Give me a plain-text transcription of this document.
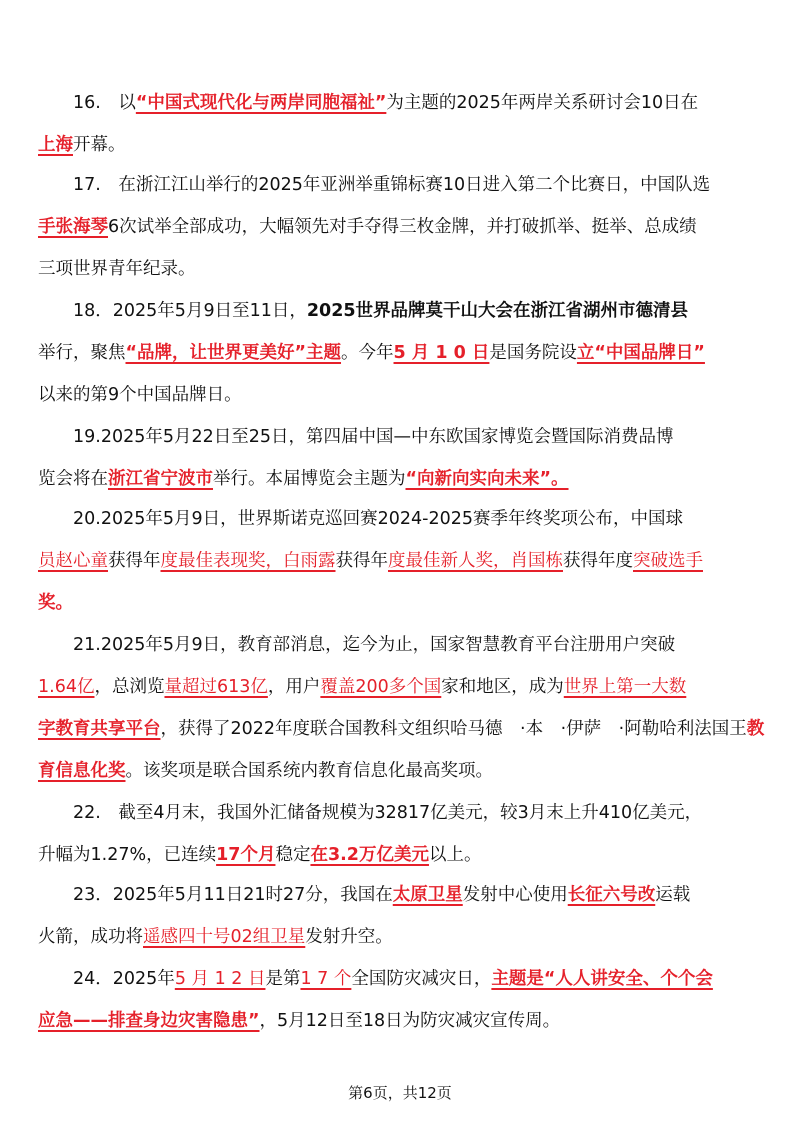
　　16.　以“中国式现代化与两岸同胞福祉”为主题的2025年两岸关系研讨会10日在
上海开幕。
　　17.　在浙江江山举行的2025年亚洲举重锦标赛10日进入第二个比赛日，中国队选
手张海琴6次试举全部成功，大幅领先对手夺得三枚金牌，并打破抓举、挺举、总成绩
三项世界青年纪录。
　　18．2025年5月9日至11日，2025世界品牌莫干山大会在浙江省湖州市德清县
举行，聚焦“品牌，让世界更美好”主题。今年5 月 1 0 日是国务院设立“中国品牌日”
以来的第9个中国品牌日。
　　19.2025年5月22日至25日，第四届中国—中东欧国家博览会暨国际消费品博
览会将在浙江省宁波市举行。本届博览会主题为“向新向实向未来”。
　　20.2025年5月9日，世界斯诺克巡回赛2024-2025赛季年终奖项公布，中国球
员赵心童获得年度最佳表现奖，白雨露获得年度最佳新人奖，肖国栋获得年度突破选手
奖。
　　21.2025年5月9日，教育部消息，迄今为止，国家智慧教育平台注册用户突破
1.64亿，总浏览量超过613亿，用户覆盖200多个国家和地区，成为世界上第一大数
字教育共享平台，获得了2022年度联合国教科文组织哈马德　·本　·伊萨　·阿勒哈利法国王教
育信息化奖。该奖项是联合国系统内教育信息化最高奖项。
　　22.　截至4月末，我国外汇储备规模为32817亿美元，较3月末上升410亿美元，
升幅为1.27%，已连续17个月稳定在3.2万亿美元以上。
　　23．2025年5月11日21时27分，我国在太原卫星发射中心使用长征六号改运载
火箭，成功将遥感四十号02组卫星发射升空。
　　24．2025年5 月 1 2 日是第1 7 个全国防灾减灾日，主题是“人人讲安全、个个会
应急——排查身边灾害隐患”，5月12日至18日为防灾减灾宣传周。
第6页，共12页
